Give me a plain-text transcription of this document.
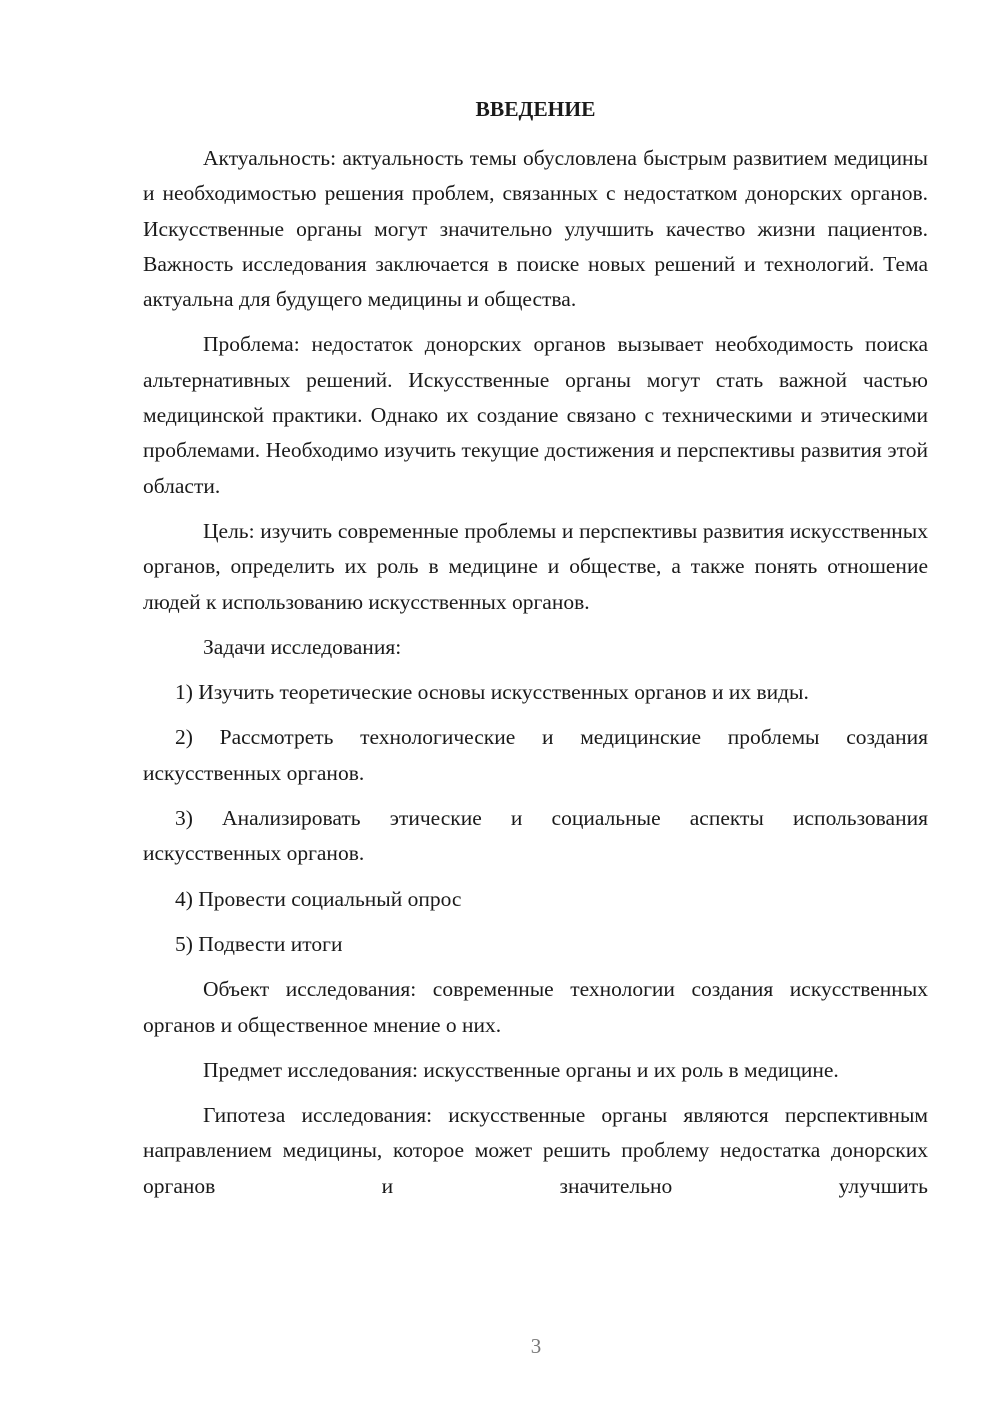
ВВЕДЕНИЕ

Актуальность: актуальность темы обусловлена быстрым развитием медицины и необходимостью решения проблем, связанных с недостатком донорских органов. Искусственные органы могут значительно улучшить качество жизни пациентов. Важность исследования заключается в поиске новых решений и технологий. Тема актуальна для будущего медицины и общества.

Проблема: недостаток донорских органов вызывает необходимость поиска альтернативных решений. Искусственные органы могут стать важной частью медицинской практики. Однако их создание связано с техническими и этическими проблемами. Необходимо изучить текущие достижения и перспективы развития этой области.

Цель: изучить современные проблемы и перспективы развития искусственных органов, определить их роль в медицине и обществе, а также понять отношение людей к использованию искусственных органов.

Задачи исследования:

1) Изучить теоретические основы искусственных органов и их виды.

2) Рассмотреть технологические и медицинские проблемы создания искусственных органов.

3) Анализировать этические и социальные аспекты использования искусственных органов.

4) Провести социальный опрос

5) Подвести итоги

Объект исследования: современные технологии создания искусственных органов и общественное мнение о них.

Предмет исследования: искусственные органы и их роль в медицине.

Гипотеза исследования: искусственные органы являются перспективным направлением медицины, которое может решить проблему недостатка донорских органов и значительно улучшить

3
